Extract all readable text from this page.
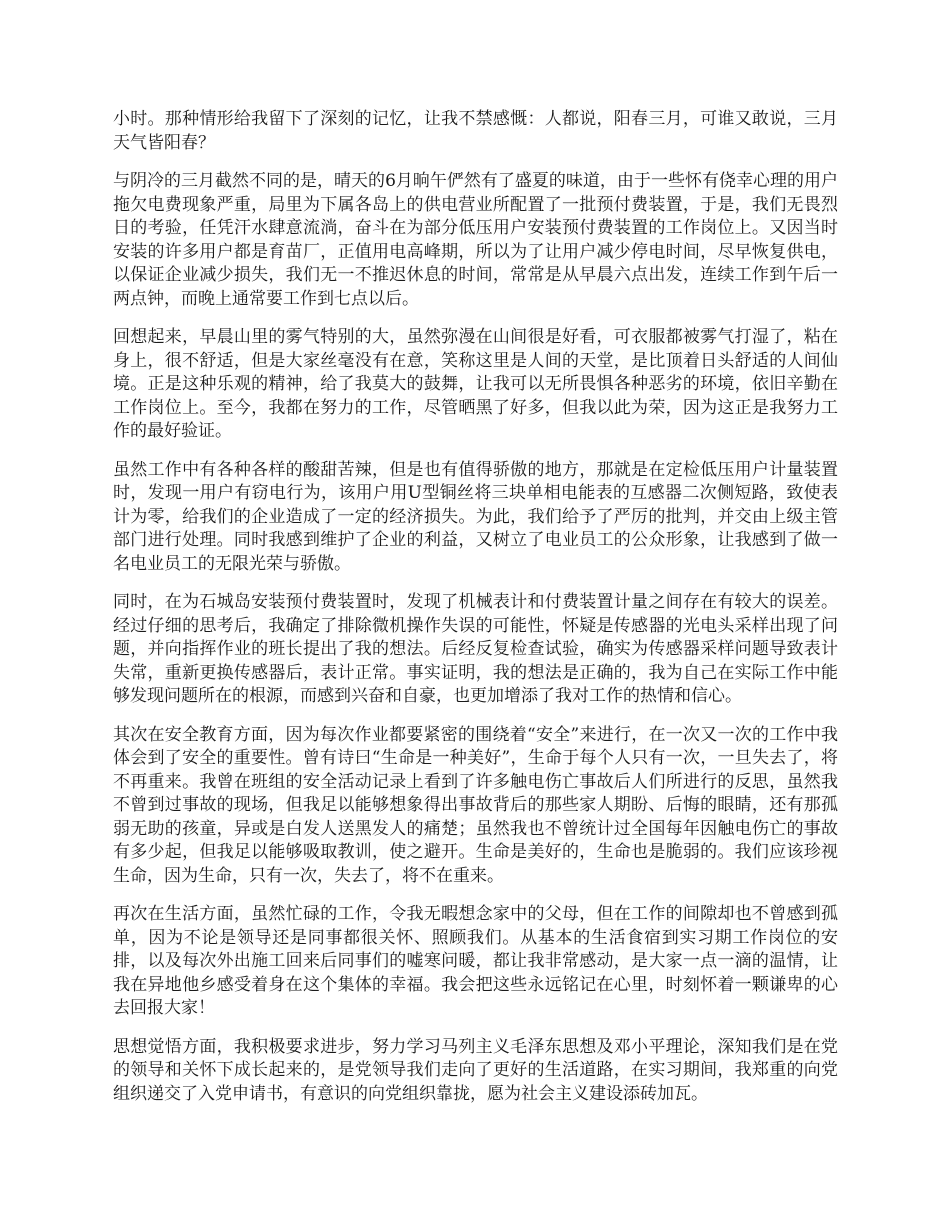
小时。那种情形给我留下了深刻的记忆，让我不禁感慨：人都说，阳春三月，可谁又敢说，三月天气皆阳春？

与阴冷的三月截然不同的是，晴天的6月晌午俨然有了盛夏的味道，由于一些怀有侥幸心理的用户拖欠电费现象严重，局里为下属各岛上的供电营业所配置了一批预付费装置，于是，我们无畏烈日的考验，任凭汗水肆意流淌，奋斗在为部分低压用户安装预付费装置的工作岗位上。又因当时安装的许多用户都是育苗厂，正值用电高峰期，所以为了让用户减少停电时间，尽早恢复供电，以保证企业减少损失，我们无一不推迟休息的时间，常常是从早晨六点出发，连续工作到午后一两点钟，而晚上通常要工作到七点以后。

回想起来，早晨山里的雾气特别的大，虽然弥漫在山间很是好看，可衣服都被雾气打湿了，粘在身上，很不舒适，但是大家丝毫没有在意，笑称这里是人间的天堂，是比顶着日头舒适的人间仙境。正是这种乐观的精神，给了我莫大的鼓舞，让我可以无所畏惧各种恶劣的环境，依旧辛勤在工作岗位上。至今，我都在努力的工作，尽管晒黑了好多，但我以此为荣，因为这正是我努力工作的最好验证。

虽然工作中有各种各样的酸甜苦辣，但是也有值得骄傲的地方，那就是在定检低压用户计量装置时，发现一用户有窃电行为，该用户用U型铜丝将三块单相电能表的互感器二次侧短路，致使表计为零，给我们的企业造成了一定的经济损失。为此，我们给予了严厉的批判，并交由上级主管部门进行处理。同时我感到维护了企业的利益，又树立了电业员工的公众形象，让我感到了做一名电业员工的无限光荣与骄傲。

同时，在为石城岛安装预付费装置时，发现了机械表计和付费装置计量之间存在有较大的误差。经过仔细的思考后，我确定了排除微机操作失误的可能性，怀疑是传感器的光电头采样出现了问题，并向指挥作业的班长提出了我的想法。后经反复检查试验，确实为传感器采样问题导致表计失常，重新更换传感器后，表计正常。事实证明，我的想法是正确的，我为自己在实际工作中能够发现问题所在的根源，而感到兴奋和自豪，也更加增添了我对工作的热情和信心。

其次在安全教育方面，因为每次作业都要紧密的围绕着“安全”来进行，在一次又一次的工作中我体会到了安全的重要性。曾有诗曰“生命是一种美好”，生命于每个人只有一次，一旦失去了，将不再重来。我曾在班组的安全活动记录上看到了许多触电伤亡事故后人们所进行的反思，虽然我不曾到过事故的现场，但我足以能够想象得出事故背后的那些家人期盼、后悔的眼睛，还有那孤弱无助的孩童，异或是白发人送黑发人的痛楚；虽然我也不曾统计过全国每年因触电伤亡的事故有多少起，但我足以能够吸取教训，使之避开。生命是美好的，生命也是脆弱的。我们应该珍视生命，因为生命，只有一次，失去了，将不在重来。

再次在生活方面，虽然忙碌的工作，令我无暇想念家中的父母，但在工作的间隙却也不曾感到孤单，因为不论是领导还是同事都很关怀、照顾我们。从基本的生活食宿到实习期工作岗位的安排，以及每次外出施工回来后同事们的嘘寒问暖，都让我非常感动，是大家一点一滴的温情，让我在异地他乡感受着身在这个集体的幸福。我会把这些永远铭记在心里，时刻怀着一颗谦卑的心去回报大家！

思想觉悟方面，我积极要求进步，努力学习马列主义毛泽东思想及邓小平理论，深知我们是在党的领导和关怀下成长起来的，是党领导我们走向了更好的生活道路，在实习期间，我郑重的向党组织递交了入党申请书，有意识的向党组织靠拢，愿为社会主义建设添砖加瓦。
